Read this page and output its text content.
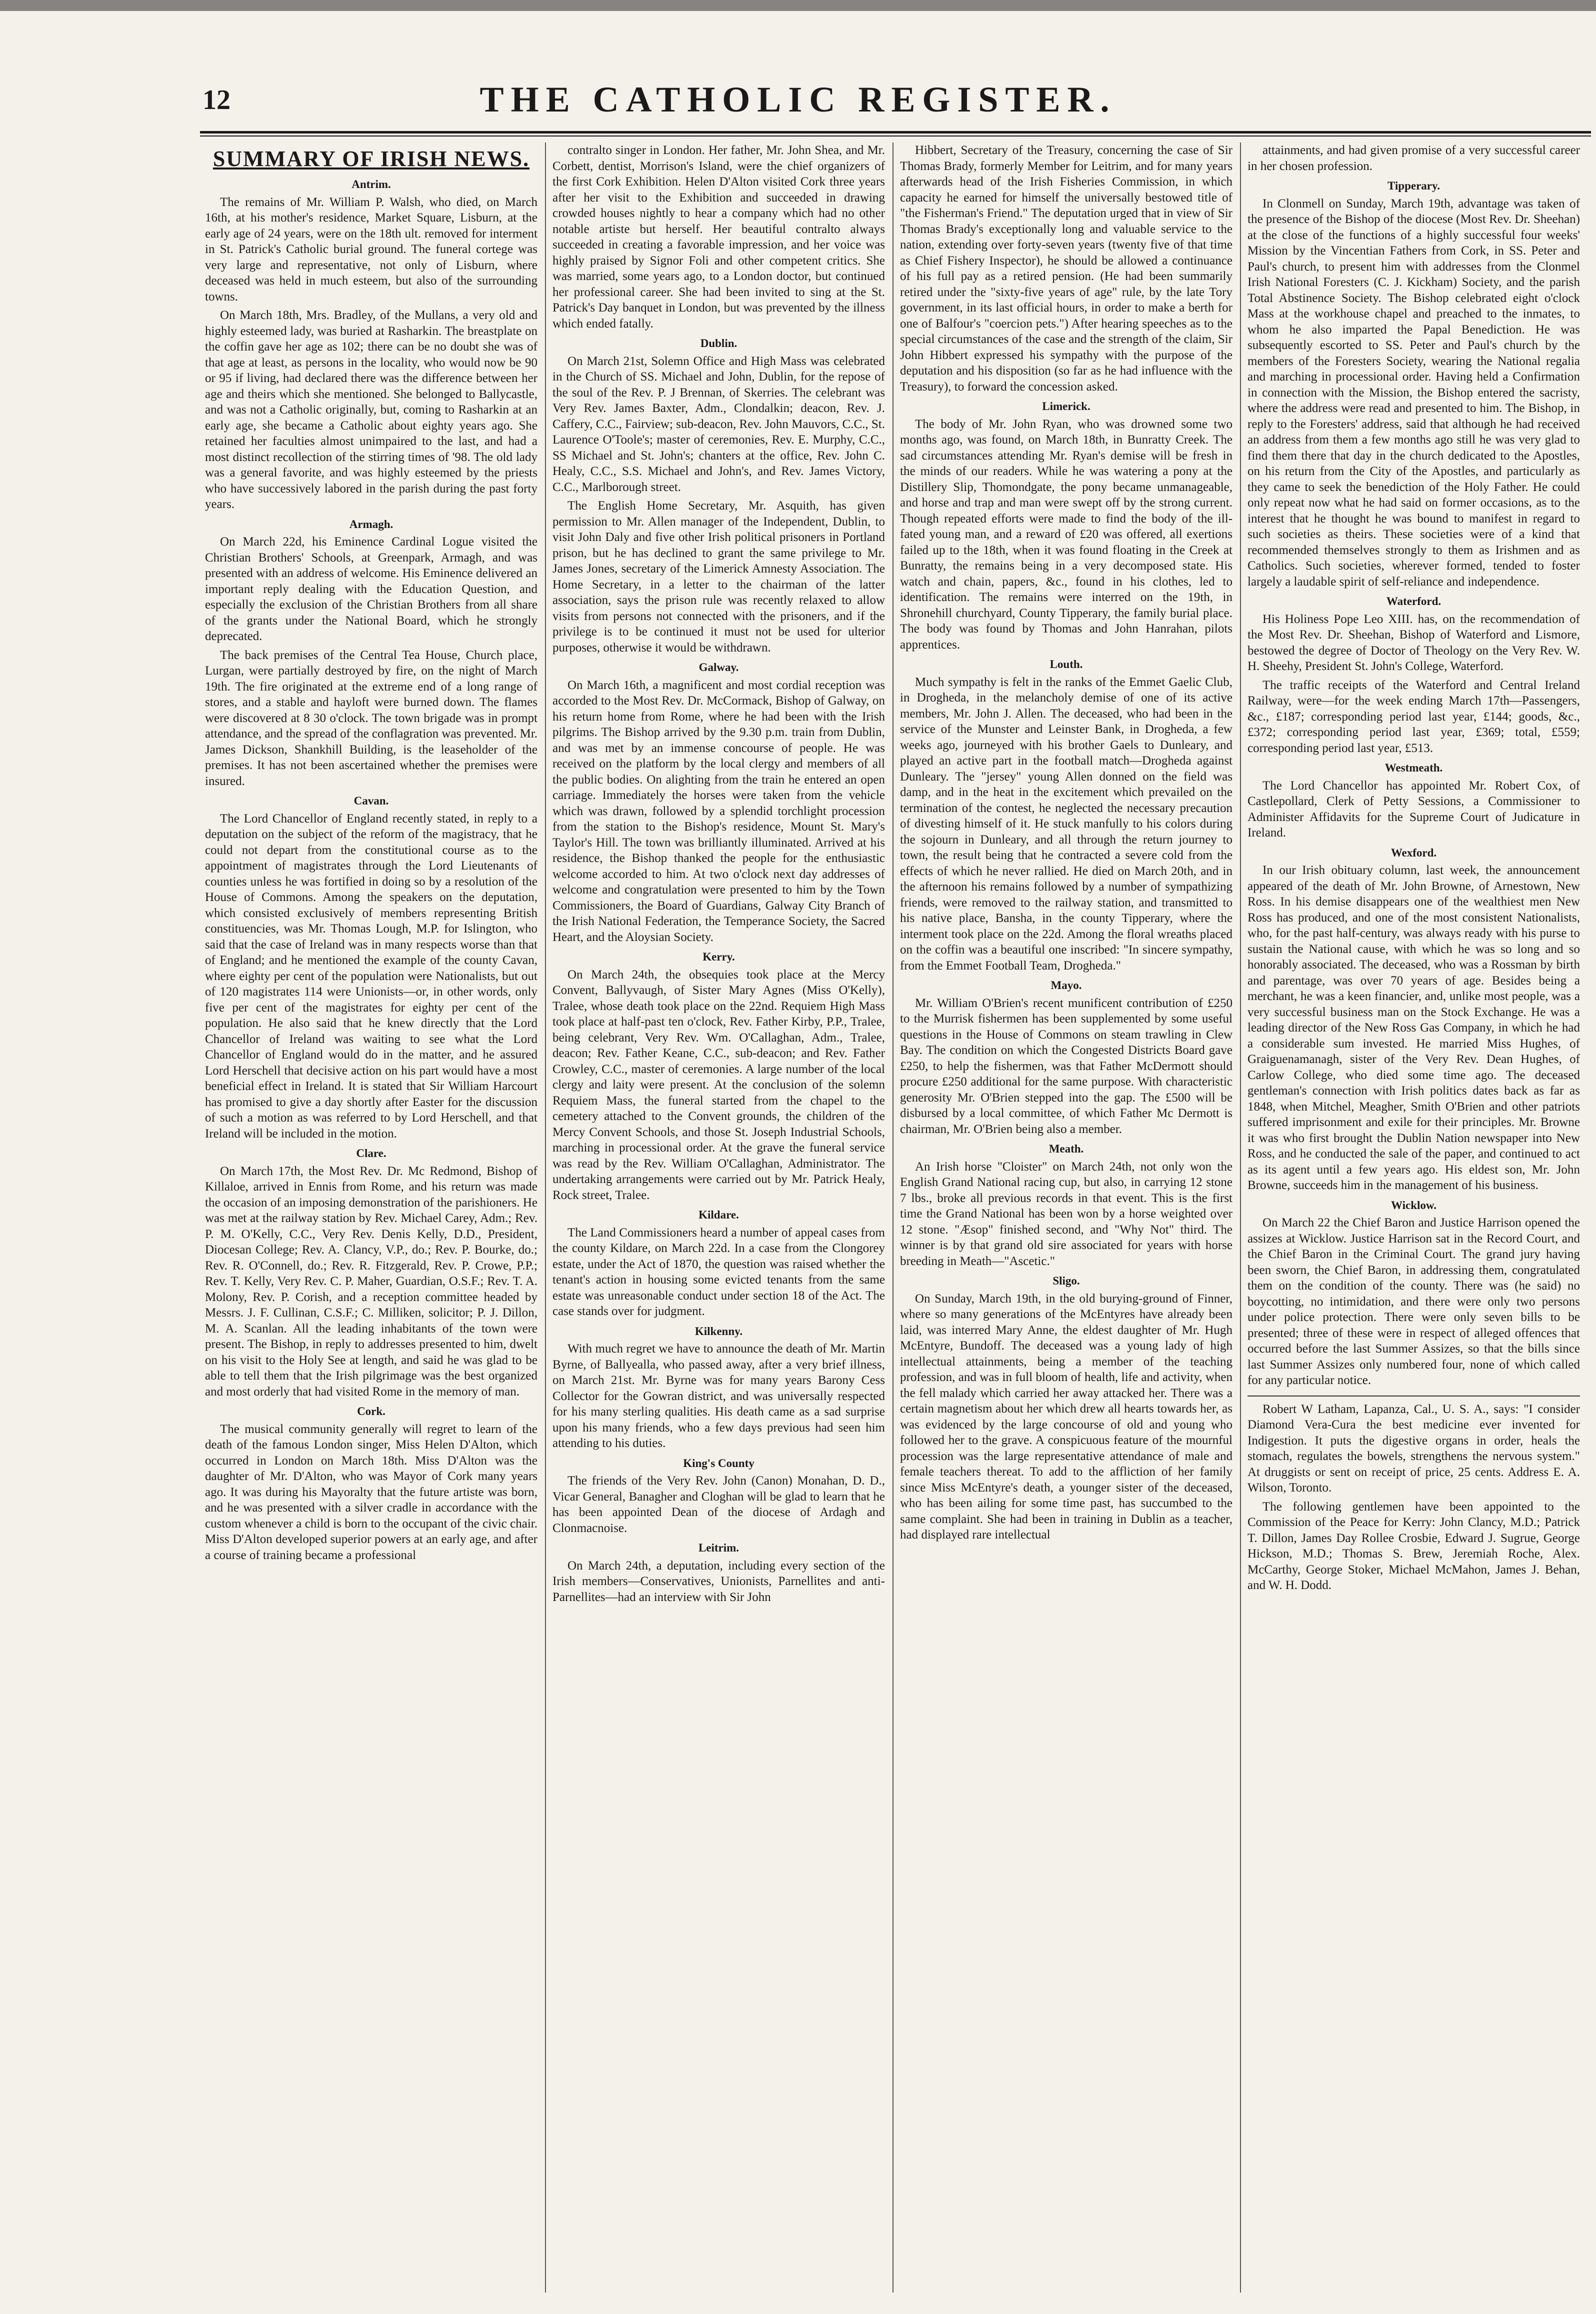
12	THE CATHOLIC REGISTER.
SUMMARY OF IRISH NEWS.
Antrim.

The remains of Mr. William P. Walsh, who died, on March 16th, at his mother's residence, Market Square, Lisburn, at the early age of 24 years, were on the 18th ult. removed for interment in St. Patrick's Catholic burial ground. The funeral cortege was very large and representative, not only of Lisburn, where deceased was held in much esteem, but also of the surrounding towns.

On March 18th, Mrs. Bradley, of the Mullans, a very old and highly esteemed lady, was buried at Rasharkin. The breastplate on the coffin gave her age as 102; there can be no doubt she was of that age at least, as persons in the locality, who would now be 90 or 95 if living, had declared there was the difference between her age and theirs which she mentioned. She belonged to Ballycastle, and was not a Catholic originally, but, coming to Rasharkin at an early age, she became a Catholic about eighty years ago. She retained her faculties almost unimpaired to the last, and had a most distinct recollection of the stirring times of '98. The old lady was a general favorite, and was highly esteemed by the priests who have successively labored in the parish during the past forty years.

Armagh.

On March 22d, his Eminence Cardinal Logue visited the Christian Brothers' Schools, at Greenpark, Armagh, and was presented with an address of welcome. His Eminence delivered an important reply dealing with the Education Question, and especially the exclusion of the Christian Brothers from all share of the grants under the National Board, which he strongly deprecated.

The back premises of the Central Tea House, Church place, Lurgan, were partially destroyed by fire, on the night of March 19th. The fire originated at the extreme end of a long range of stores, and a stable and hayloft were burned down. The flames were discovered at 8 30 o'clock. The town brigade was in prompt attendance, and the spread of the conflagration was prevented. Mr. James Dickson, Shankhill Building, is the leaseholder of the premises. It has not been ascertained whether the premises were insured.

Cavan.

The Lord Chancellor of England recently stated, in reply to a deputation on the subject of the reform of the magistracy, that he could not depart from the constitutional course as to the appointment of magistrates through the Lord Lieutenants of counties unless he was fortified in doing so by a resolution of the House of Commons. Among the speakers on the deputation, which consisted exclusively of members representing British constituencies, was Mr. Thomas Lough, M.P. for Islington, who said that the case of Ireland was in many respects worse than that of England; and he mentioned the example of the county Cavan, where eighty per cent of the population were Nationalists, but out of 120 magistrates 114 were Unionists—or, in other words, only five per cent of the magistrates for eighty per cent of the population. He also said that he knew directly that the Lord Chancellor of Ireland was waiting to see what the Lord Chancellor of England would do in the matter, and he assured Lord Herschell that decisive action on his part would have a most beneficial effect in Ireland. It is stated that Sir William Harcourt has promised to give a day shortly after Easter for the discussion of such a motion as was referred to by Lord Herschell, and that Ireland will be included in the motion.

Clare.

On March 17th, the Most Rev. Dr. Mc Redmond, Bishop of Killaloe, arrived in Ennis from Rome, and his return was made the occasion of an imposing demonstration of the parishioners. He was met at the railway station by Rev. Michael Carey, Adm.; Rev. P. M. O'Kelly, C.C., Very Rev. Denis Kelly, D.D., President, Diocesan College; Rev. A. Clancy, V.P., do.; Rev. P. Bourke, do.; Rev. R. O'Connell, do.; Rev. R. Fitzgerald, Rev. P. Crowe, P.P.; Rev. T. Kelly, Very Rev. C. P. Maher, Guardian, O.S.F.; Rev. T. A. Molony, Rev. P. Corish, and a reception committee headed by Messrs. J. F. Cullinan, C.S.F.; C. Milliken, solicitor; P. J. Dillon, M. A. Scanlan. All the leading inhabitants of the town were present. The Bishop, in reply to addresses presented to him, dwelt on his visit to the Holy See at length, and said he was glad to be able to tell them that the Irish pilgrimage was the best organized and most orderly that had visited Rome in the memory of man.

Cork.

The musical community generally will regret to learn of the death of the famous London singer, Miss Helen D'Alton, which occurred in London on March 18th. Miss D'Alton was the daughter of Mr. D'Alton, who was Mayor of Cork many years ago. It was during his Mayoralty that the future artiste was born, and he was presented with a silver cradle in accordance with the custom whenever a child is born to the occupant of the civic chair. Miss D'Alton developed superior powers at an early age, and after a course of training became a professional

contralto singer in London. Her father, Mr. John Shea, and Mr. Corbett, dentist, Morrison's Island, were the chief organizers of the first Cork Exhibition. Helen D'Alton visited Cork three years after her visit to the Exhibition and succeeded in drawing crowded houses nightly to hear a company which had no other notable artiste but herself. Her beautiful contralto always succeeded in creating a favorable impression, and her voice was highly praised by Signor Foli and other competent critics. She was married, some years ago, to a London doctor, but continued her professional career. She had been invited to sing at the St. Patrick's Day banquet in London, but was prevented by the illness which ended fatally.

Dublin.

On March 21st, Solemn Office and High Mass was celebrated in the Church of SS. Michael and John, Dublin, for the repose of the soul of the Rev. P. J Brennan, of Skerries. The celebrant was Very Rev. James Baxter, Adm., Clondalkin; deacon, Rev. J. Caffery, C.C., Fairview; sub-deacon, Rev. John Mauvors, C.C., St. Laurence O'Toole's; master of ceremonies, Rev. E. Murphy, C.C., SS Michael and St. John's; chanters at the office, Rev. John C. Healy, C.C., S.S. Michael and John's, and Rev. James Victory, C.C., Marlborough street.

The English Home Secretary, Mr. Asquith, has given permission to Mr. Allen manager of the Independent, Dublin, to visit John Daly and five other Irish political prisoners in Portland prison, but he has declined to grant the same privilege to Mr. James Jones, secretary of the Limerick Amnesty Association. The Home Secretary, in a letter to the chairman of the latter association, says the prison rule was recently relaxed to allow visits from persons not connected with the prisoners, and if the privilege is to be continued it must not be used for ulterior purposes, otherwise it would be withdrawn.

Galway.

On March 16th, a magnificent and most cordial reception was accorded to the Most Rev. Dr. McCormack, Bishop of Galway, on his return home from Rome, where he had been with the Irish pilgrims. The Bishop arrived by the 9.30 p.m. train from Dublin, and was met by an immense concourse of people. He was received on the platform by the local clergy and members of all the public bodies. On alighting from the train he entered an open carriage. Immediately the horses were taken from the vehicle which was drawn, followed by a splendid torchlight procession from the station to the Bishop's residence, Mount St. Mary's Taylor's Hill. The town was brilliantly illuminated. Arrived at his residence, the Bishop thanked the people for the enthusiastic welcome accorded to him. At two o'clock next day addresses of welcome and congratulation were presented to him by the Town Commissioners, the Board of Guardians, Galway City Branch of the Irish National Federation, the Temperance Society, the Sacred Heart, and the Aloysian Society.

Kerry.

On March 24th, the obsequies took place at the Mercy Convent, Ballyvaugh, of Sister Mary Agnes (Miss O'Kelly), Tralee, whose death took place on the 22nd. Requiem High Mass took place at half-past ten o'clock, Rev. Father Kirby, P.P., Tralee, being celebrant, Very Rev. Wm. O'Callaghan, Adm., Tralee, deacon; Rev. Father Keane, C.C., sub-deacon; and Rev. Father Crowley, C.C., master of ceremonies. A large number of the local clergy and laity were present. At the conclusion of the solemn Requiem Mass, the funeral started from the chapel to the cemetery attached to the Convent grounds, the children of the Mercy Convent Schools, and those St. Joseph Industrial Schools, marching in processional order. At the grave the funeral service was read by the Rev. William O'Callaghan, Administrator. The undertaking arrangements were carried out by Mr. Patrick Healy, Rock street, Tralee.

Kildare.

The Land Commissioners heard a number of appeal cases from the county Kildare, on March 22d. In a case from the Clongorey estate, under the Act of 1870, the question was raised whether the tenant's action in housing some evicted tenants from the same estate was unreasonable conduct under section 18 of the Act. The case stands over for judgment.

Kilkenny.

With much regret we have to announce the death of Mr. Martin Byrne, of Ballyealla, who passed away, after a very brief illness, on March 21st. Mr. Byrne was for many years Barony Cess Collector for the Gowran district, and was universally respected for his many sterling qualities. His death came as a sad surprise upon his many friends, who a few days previous had seen him attending to his duties.

King's County

The friends of the Very Rev. John (Canon) Monahan, D. D., Vicar General, Banagher and Cloghan will be glad to learn that he has been appointed Dean of the diocese of Ardagh and Clonmacnoise.

Leitrim.

On March 24th, a deputation, including every section of the Irish members—Conservatives, Unionists, Parnellites and anti-Parnellites—had an interview with Sir John

Hibbert, Secretary of the Treasury, concerning the case of Sir Thomas Brady, formerly Member for Leitrim, and for many years afterwards head of the Irish Fisheries Commission, in which capacity he earned for himself the universally bestowed title of "the Fisherman's Friend." The deputation urged that in view of Sir Thomas Brady's exceptionally long and valuable service to the nation, extending over forty-seven years (twenty five of that time as Chief Fishery Inspector), he should be allowed a continuance of his full pay as a retired pension. (He had been summarily retired under the "sixty-five years of age" rule, by the late Tory government, in its last official hours, in order to make a berth for one of Balfour's "coercion pets.") After hearing speeches as to the special circumstances of the case and the strength of the claim, Sir John Hibbert expressed his sympathy with the purpose of the deputation and his disposition (so far as he had influence with the Treasury), to forward the concession asked.

Limerick.

The body of Mr. John Ryan, who was drowned some two months ago, was found, on March 18th, in Bunratty Creek. The sad circumstances attending Mr. Ryan's demise will be fresh in the minds of our readers. While he was watering a pony at the Distillery Slip, Thomondgate, the pony became unmanageable, and horse and trap and man were swept off by the strong current. Though repeated efforts were made to find the body of the ill-fated young man, and a reward of £20 was offered, all exertions failed up to the 18th, when it was found floating in the Creek at Bunratty, the remains being in a very decomposed state. His watch and chain, papers, &c., found in his clothes, led to identification. The remains were interred on the 19th, in Shronehill churchyard, County Tipperary, the family burial place. The body was found by Thomas and John Hanrahan, pilots apprentices.

Louth.

Much sympathy is felt in the ranks of the Emmet Gaelic Club, in Drogheda, in the melancholy demise of one of its active members, Mr. John J. Allen. The deceased, who had been in the service of the Munster and Leinster Bank, in Drogheda, a few weeks ago, journeyed with his brother Gaels to Dunleary, and played an active part in the football match—Drogheda against Dunleary. The "jersey" young Allen donned on the field was damp, and in the heat in the excitement which prevailed on the termination of the contest, he neglected the necessary precaution of divesting himself of it. He stuck manfully to his colors during the sojourn in Dunleary, and all through the return journey to town, the result being that he contracted a severe cold from the effects of which he never rallied. He died on March 20th, and in the afternoon his remains followed by a number of sympathizing friends, were removed to the railway station, and transmitted to his native place, Bansha, in the county Tipperary, where the interment took place on the 22d. Among the floral wreaths placed on the coffin was a beautiful one inscribed: "In sincere sympathy, from the Emmet Football Team, Drogheda."

Mayo.

Mr. William O'Brien's recent munificent contribution of £250 to the Murrisk fishermen has been supplemented by some useful questions in the House of Commons on steam trawling in Clew Bay. The condition on which the Congested Districts Board gave £250, to help the fishermen, was that Father McDermott should procure £250 additional for the same purpose. With characteristic generosity Mr. O'Brien stepped into the gap. The £500 will be disbursed by a local committee, of which Father Mc Dermott is chairman, Mr. O'Brien being also a member.

Meath.

An Irish horse "Cloister" on March 24th, not only won the English Grand National racing cup, but also, in carrying 12 stone 7 lbs., broke all previous records in that event. This is the first time the Grand National has been won by a horse weighted over 12 stone. "Æsop" finished second, and "Why Not" third. The winner is by that grand old sire associated for years with horse breeding in Meath—"Ascetic."

Sligo.

On Sunday, March 19th, in the old burying-ground of Finner, where so many generations of the McEntyres have already been laid, was interred Mary Anne, the eldest daughter of Mr. Hugh McEntyre, Bundoff. The deceased was a young lady of high intellectual attainments, being a member of the teaching profession, and was in full bloom of health, life and activity, when the fell malady which carried her away attacked her. There was a certain magnetism about her which drew all hearts towards her, as was evidenced by the large concourse of old and young who followed her to the grave. A conspicuous feature of the mournful procession was the large representative attendance of male and female teachers thereat. To add to the affliction of her family since Miss McEntyre's death, a younger sister of the deceased, who has been ailing for some time past, has succumbed to the same complaint. She had been in training in Dublin as a teacher, had displayed rare intellectual

attainments, and had given promise of a very successful career in her chosen profession.

Tipperary.

In Clonmell on Sunday, March 19th, advantage was taken of the presence of the Bishop of the diocese (Most Rev. Dr. Sheehan) at the close of the functions of a highly successful four weeks' Mission by the Vincentian Fathers from Cork, in SS. Peter and Paul's church, to present him with addresses from the Clonmel Irish National Foresters (C. J. Kickham) Society, and the parish Total Abstinence Society. The Bishop celebrated eight o'clock Mass at the workhouse chapel and preached to the inmates, to whom he also imparted the Papal Benediction. He was subsequently escorted to SS. Peter and Paul's church by the members of the Foresters Society, wearing the National regalia and marching in processional order. Having held a Confirmation in connection with the Mission, the Bishop entered the sacristy, where the address were read and presented to him. The Bishop, in reply to the Foresters' address, said that although he had received an address from them a few months ago still he was very glad to find them there that day in the church dedicated to the Apostles, on his return from the City of the Apostles, and particularly as they came to seek the benediction of the Holy Father. He could only repeat now what he had said on former occasions, as to the interest that he thought he was bound to manifest in regard to such societies as theirs. These societies were of a kind that recommended themselves strongly to them as Irishmen and as Catholics. Such societies, wherever formed, tended to foster largely a laudable spirit of self-reliance and independence.

Waterford.

His Holiness Pope Leo XIII. has, on the recommendation of the Most Rev. Dr. Sheehan, Bishop of Waterford and Lismore, bestowed the degree of Doctor of Theology on the Very Rev. W. H. Sheehy, President St. John's College, Waterford.

The traffic receipts of the Waterford and Central Ireland Railway, were—for the week ending March 17th—Passengers, &c., £187; corresponding period last year, £144; goods, &c., £372; corresponding period last year, £369; total, £559; corresponding period last year, £513.

Westmeath.

The Lord Chancellor has appointed Mr. Robert Cox, of Castlepollard, Clerk of Petty Sessions, a Commissioner to Administer Affidavits for the Supreme Court of Judicature in Ireland.

Wexford.

In our Irish obituary column, last week, the announcement appeared of the death of Mr. John Browne, of Arnestown, New Ross. In his demise disappears one of the wealthiest men New Ross has produced, and one of the most consistent Nationalists, who, for the past half-century, was always ready with his purse to sustain the National cause, with which he was so long and so honorably associated. The deceased, who was a Rossman by birth and parentage, was over 70 years of age. Besides being a merchant, he was a keen financier, and, unlike most people, was a very successful business man on the Stock Exchange. He was a leading director of the New Ross Gas Company, in which he had a considerable sum invested. He married Miss Hughes, of Graiguenamanagh, sister of the Very Rev. Dean Hughes, of Carlow College, who died some time ago. The deceased gentleman's connection with Irish politics dates back as far as 1848, when Mitchel, Meagher, Smith O'Brien and other patriots suffered imprisonment and exile for their principles. Mr. Browne it was who first brought the Dublin Nation newspaper into New Ross, and he conducted the sale of the paper, and continued to act as its agent until a few years ago. His eldest son, Mr. John Browne, succeeds him in the management of his business.

Wicklow.

On March 22 the Chief Baron and Justice Harrison opened the assizes at Wicklow. Justice Harrison sat in the Record Court, and the Chief Baron in the Criminal Court. The grand jury having been sworn, the Chief Baron, in addressing them, congratulated them on the condition of the county. There was (he said) no boycotting, no intimidation, and there were only two persons under police protection. There were only seven bills to be presented; three of these were in respect of alleged offences that occurred before the last Summer Assizes, so that the bills since last Summer Assizes only numbered four, none of which called for any particular notice.

Robert W Latham, Lapanza, Cal., U. S. A., says: "I consider Diamond Vera-Cura the best medicine ever invented for Indigestion. It puts the digestive organs in order, heals the stomach, regulates the bowels, strengthens the nervous system." At druggists or sent on receipt of price, 25 cents. Address E. A. Wilson, Toronto.

The following gentlemen have been appointed to the Commission of the Peace for Kerry: John Clancy, M.D.; Patrick T. Dillon, James Day Rollee Crosbie, Edward J. Sugrue, George Hickson, M.D.; Thomas S. Brew, Jeremiah Roche, Alex. McCarthy, George Stoker, Michael McMahon, James J. Behan, and W. H. Dodd.
